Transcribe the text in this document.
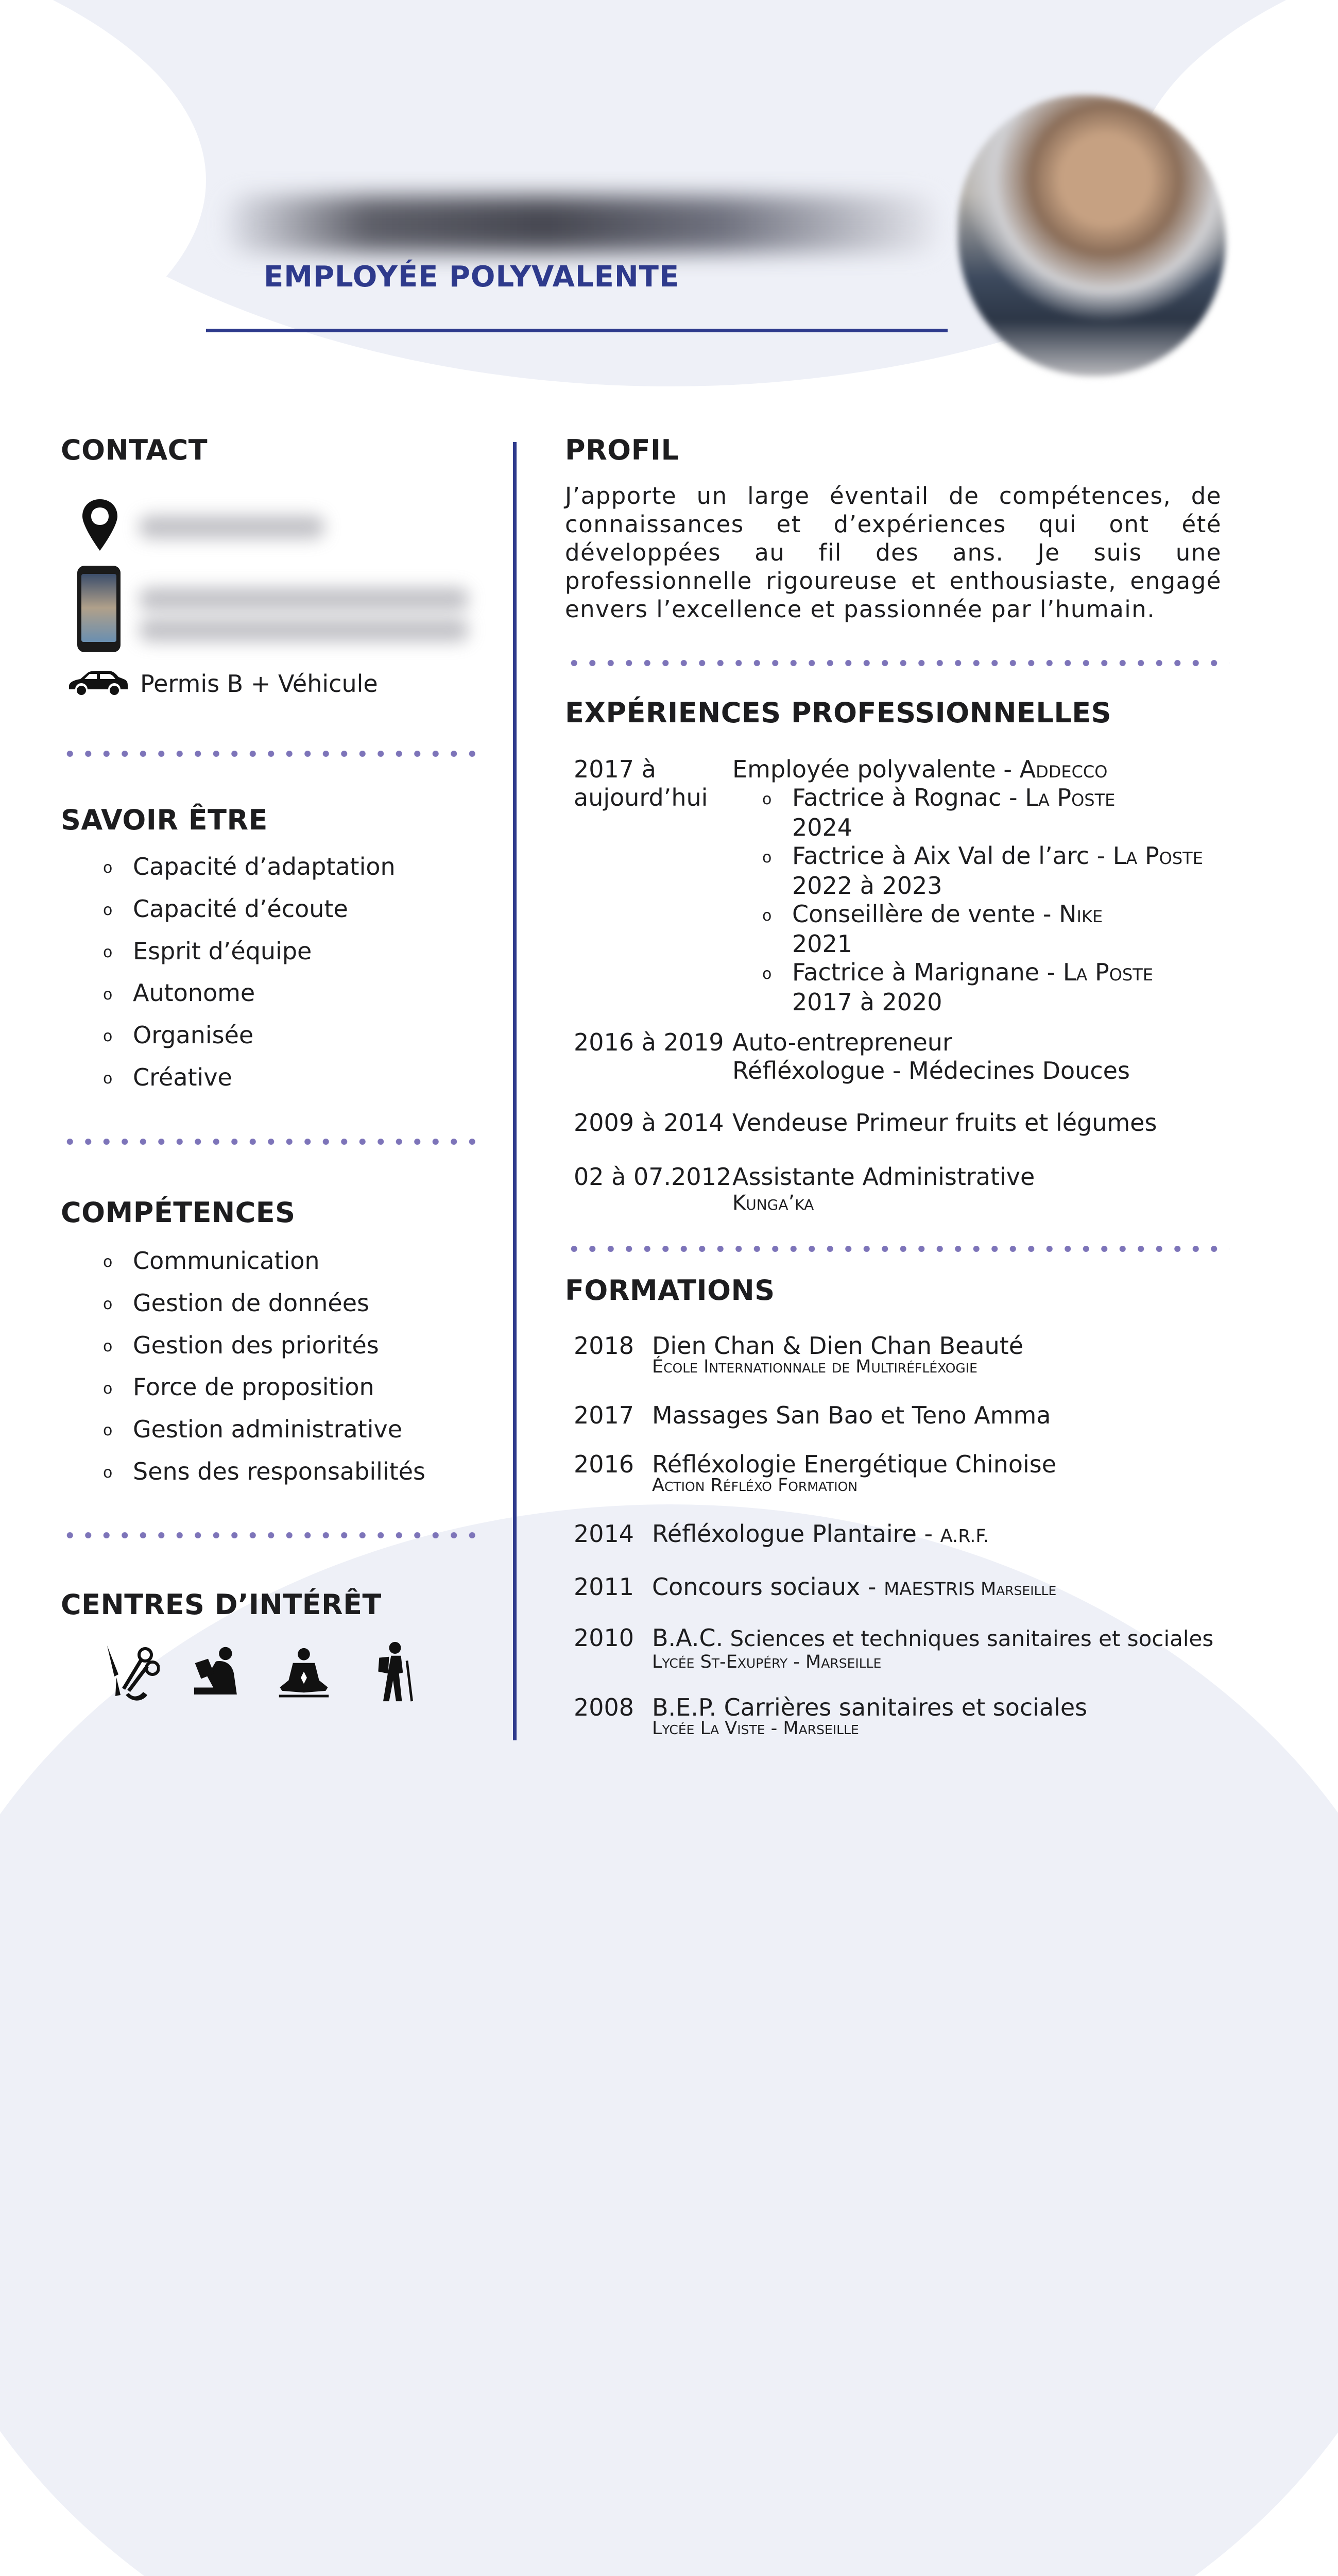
EMPLOYÉE POLYVALENTE
CONTACT
Permis B + Véhicule
SAVOIR ÊTRE
o Capacité d’adaptation
o Capacité d’écoute
o Esprit d’équipe
o Autonome
o Organisée
o Créative
COMPÉTENCES
o Communication
o Gestion de données
o Gestion des priorités
o Force de proposition
o Gestion administrative
o Sens des responsabilités
CENTRES D’INTÉRÊT
PROFIL
J’apporte un large éventail de compétences, de connaissances et d’expériences qui ont été développées au fil des ans. Je suis une professionnelle rigoureuse et enthousiaste, engagé envers l’excellence et passionnée par l’humain.
EXPÉRIENCES PROFESSIONNELLES
2017 à
aujourd’hui
Employée polyvalente - Addecco
o Factrice à Rognac - La Poste
2024
o Factrice à Aix Val de l’arc - La Poste
2022 à 2023
o Conseillère de vente - Nike
2021
o Factrice à Marignane - La Poste
2017 à 2020
2016 à 2019 Auto-entrepreneur
Réfléxologue - Médecines Douces
2009 à 2014 Vendeuse Primeur fruits et légumes
02 à 07.2012 Assistante Administrative
Kunga’ka
FORMATIONS
2018 Dien Chan & Dien Chan Beauté
École Internationnale de Multiréfléxogie
2017 Massages San Bao et Teno Amma
2016 Réfléxologie Energétique Chinoise
Action Réfléxo Formation
2014 Réfléxologue Plantaire - A.R.F.
2011 Concours sociaux - MAESTRIS Marseille
2010 B.A.C. Sciences et techniques sanitaires et sociales
Lycée St-Exupéry - Marseille
2008 B.E.P. Carrières sanitaires et sociales
Lycée La Viste - Marseille
